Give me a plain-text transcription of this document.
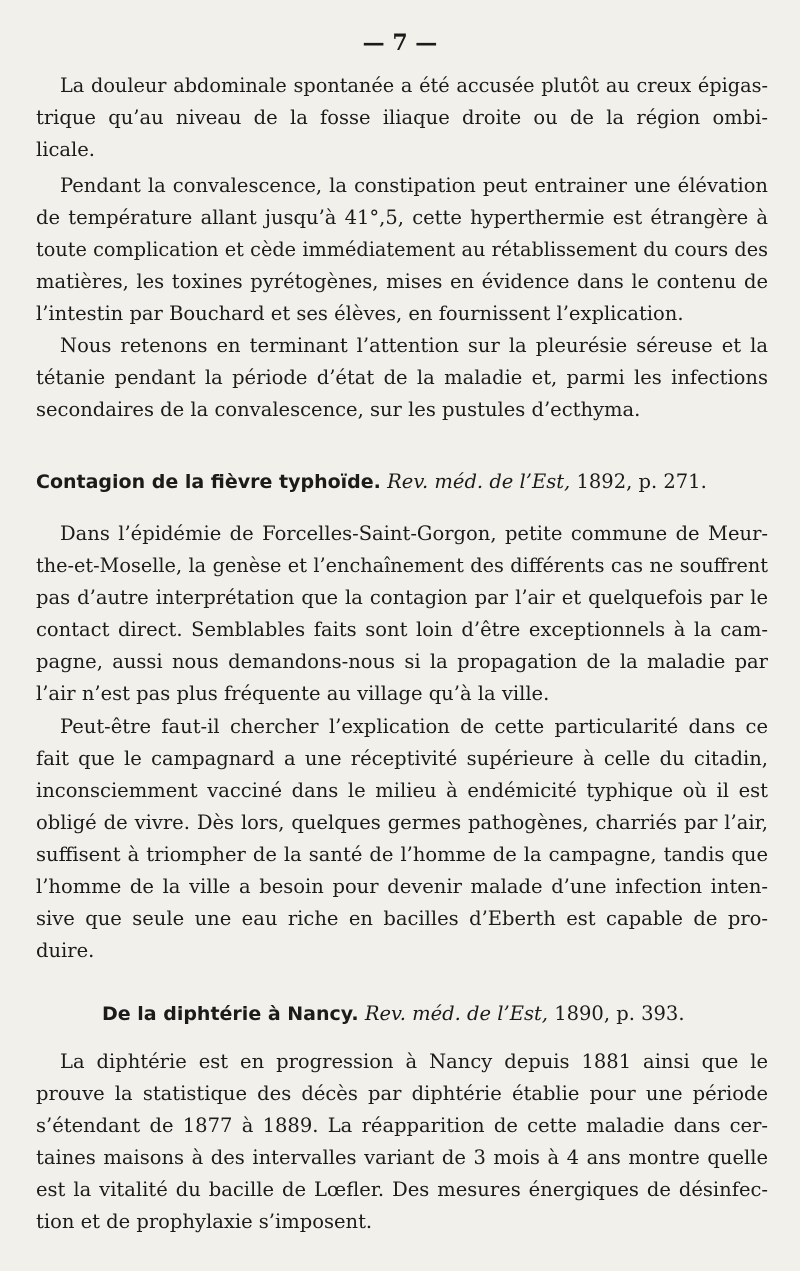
— 7 —
La douleur abdominale spontanée a été accusée plutôt au creux épigas-
trique qu’au niveau de la fosse iliaque droite ou de la région ombi-
licale.
Pendant la convalescence, la constipation peut entrainer une élévation
de température allant jusqu’à 41°,5, cette hyperthermie est étrangère à
toute complication et cède immédiatement au rétablissement du cours des
matières, les toxines pyrétogènes, mises en évidence dans le contenu de
l’intestin par Bouchard et ses élèves, en fournissent l’explication.
Nous retenons en terminant l’attention sur la pleurésie séreuse et la
tétanie pendant la période d’état de la maladie et, parmi les infections
secondaires de la convalescence, sur les pustules d’ecthyma.
Contagion de la fièvre typhoïde. Rev. méd. de l’Est, 1892, p. 271.
Dans l’épidémie de Forcelles-Saint-Gorgon, petite commune de Meur-
the-et-Moselle, la genèse et l’enchaînement des différents cas ne souffrent
pas d’autre interprétation que la contagion par l’air et quelquefois par le
contact direct. Semblables faits sont loin d’être exceptionnels à la cam-
pagne, aussi nous demandons-nous si la propagation de la maladie par
l’air n’est pas plus fréquente au village qu’à la ville.
Peut-être faut-il chercher l’explication de cette particularité dans ce
fait que le campagnard a une réceptivité supérieure à celle du citadin,
inconsciemment vacciné dans le milieu à endémicité typhique où il est
obligé de vivre. Dès lors, quelques germes pathogènes, charriés par l’air,
suffisent à triompher de la santé de l’homme de la campagne, tandis que
l’homme de la ville a besoin pour devenir malade d’une infection inten-
sive que seule une eau riche en bacilles d’Eberth est capable de pro-
duire.
De la diphtérie à Nancy. Rev. méd. de l’Est, 1890, p. 393.
La diphtérie est en progression à Nancy depuis 1881 ainsi que le
prouve la statistique des décès par diphtérie établie pour une période
s’étendant de 1877 à 1889. La réapparition de cette maladie dans cer-
taines maisons à des intervalles variant de 3 mois à 4 ans montre quelle
est la vitalité du bacille de Lœfler. Des mesures énergiques de désinfec-
tion et de prophylaxie s’imposent.
